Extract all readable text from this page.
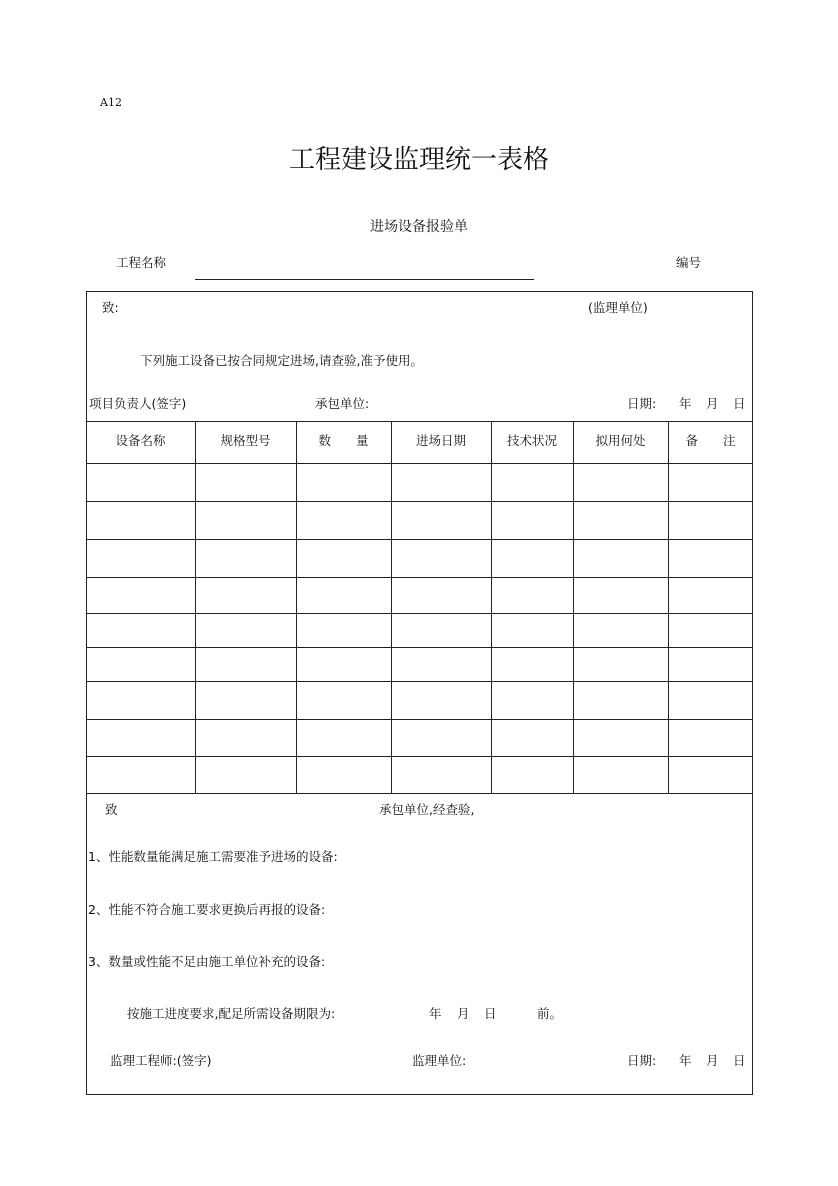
A12
工程建设监理统一表格
进场设备报验单
工程名称	编号
致:	(监理单位)
下列施工设备已按合同规定进场,请查验,准予使用。
项目负责人(签字)	承包单位:	日期: 年 月 日
设备名称	规格型号	数　　量	进场日期	技术状况	拟用何处	备　　注
致	承包单位,经查验,
1、性能数量能满足施工需要准予进场的设备:
2、性能不符合施工要求更换后再报的设备:
3、数量或性能不足由施工单位补充的设备:
按施工进度要求,配足所需设备期限为:	年 月 日	前。
监理工程师:(签字)	监理单位:	日期: 年 月 日
